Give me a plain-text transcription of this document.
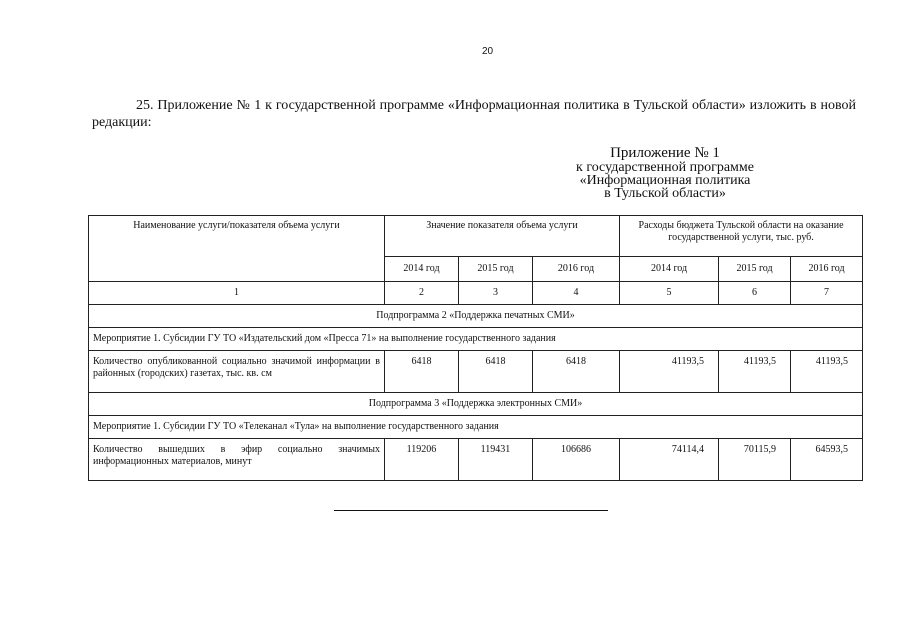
20
25. Приложение № 1 к государственной программе «Информационная политика в Тульской области» изложить в новой редакции:
Приложение № 1
к государственной программе
«Информационная политика
в Тульской области»
Наименование услуги/показателя объема услуги	Значение показателя объема услуги			Расходы бюджета Тульской области на оказание государственной услуги, тыс. руб.		
	2014 год	2015 год	2016 год	2014 год	2015 год	2016 год
1	2	3	4	5	6	7
Подпрограмма 2 «Поддержка печатных СМИ»						
Мероприятие 1. Субсидии ГУ ТО «Издательский дом «Пресса 71» на выполнение государственного задания						
Количество опубликованной социально значимой информации в районных (городских) газетах, тыс. кв. см	6418	6418	6418	41193,5	41193,5	41193,5
Подпрограмма 3 «Поддержка электронных СМИ»						
Мероприятие 1. Субсидии ГУ ТО «Телеканал «Тула» на выполнение государственного задания						
Количество вышедших в эфир социально значимых информационных материалов, минут	119206	119431	106686	74114,4	70115,9	64593,5
